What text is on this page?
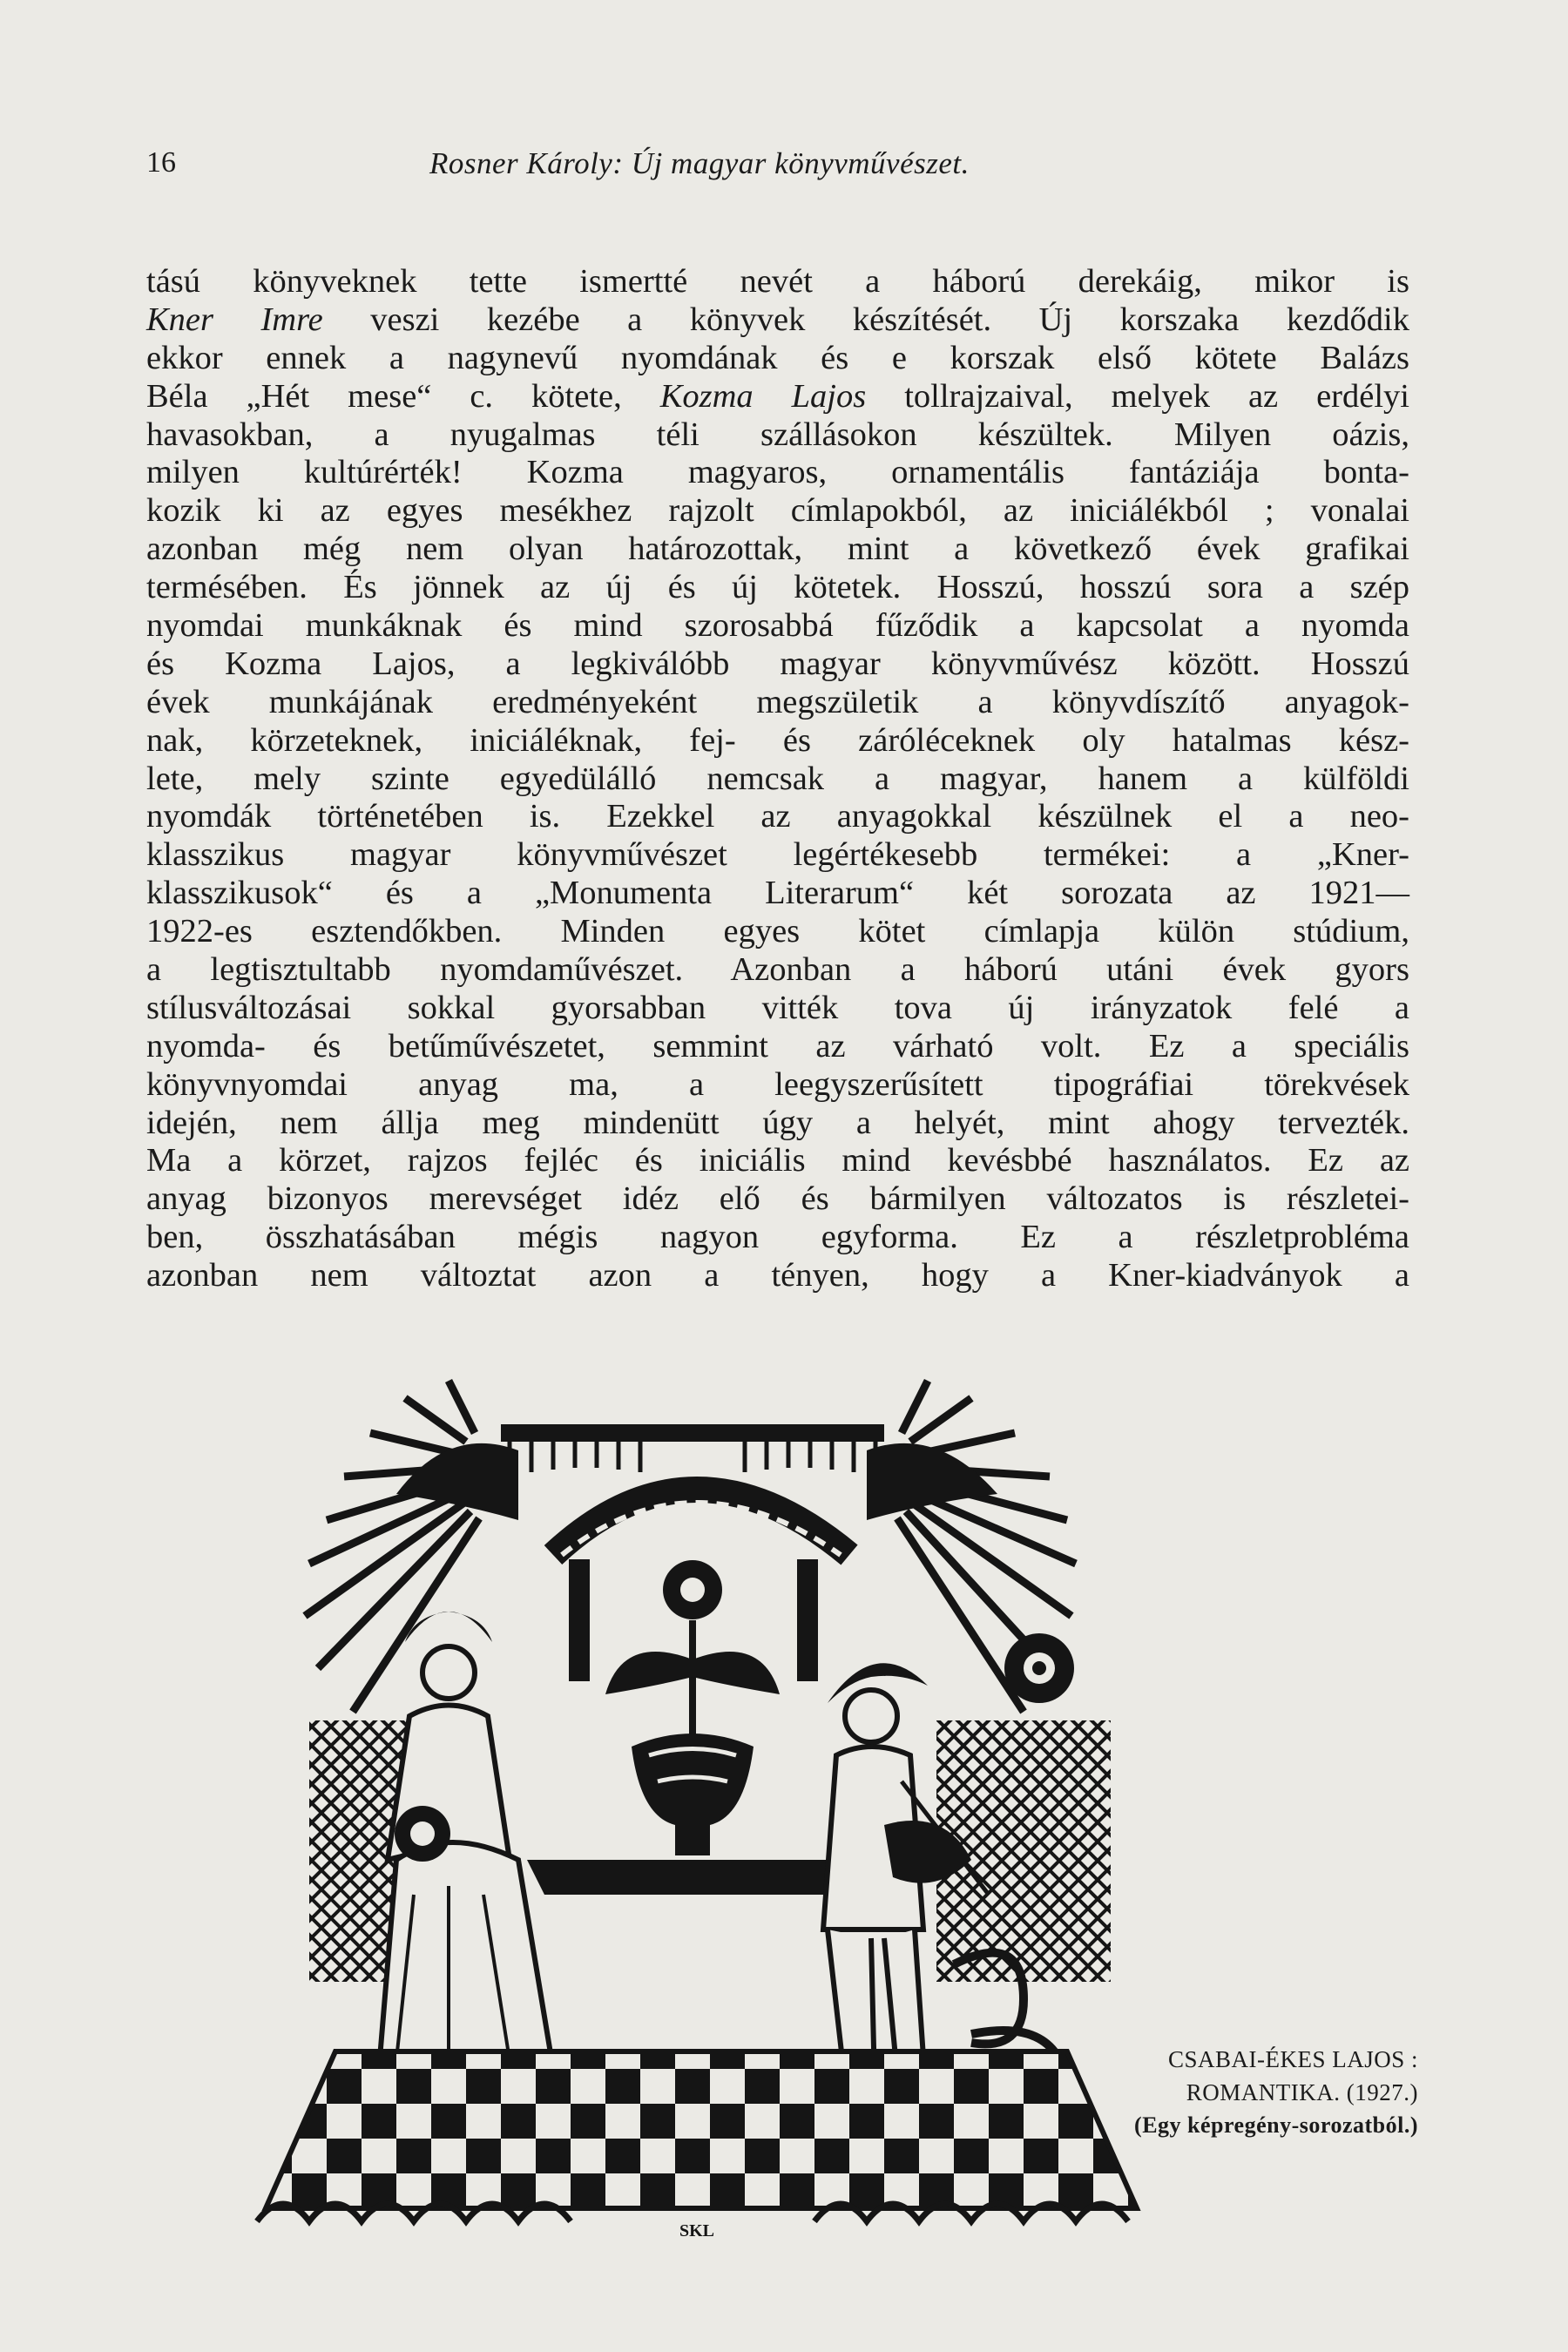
16	Rosner Károly: Új magyar könyvművészet.
tású könyveknek tette ismertté nevét a háború derekáig, mikor is
Kner Imre veszi kezébe a könyvek készítését. Új korszaka kezdődik
ekkor ennek a nagynevű nyomdának és e korszak első kötete Balázs
Béla „Hét mese“ c. kötete, Kozma Lajos tollrajzaival, melyek az erdélyi
havasokban, a nyugalmas téli szállásokon készültek. Milyen oázis,
milyen kultúrérték! Kozma magyaros, ornamentális fantáziája bonta-
kozik ki az egyes mesékhez rajzolt címlapokból, az iniciálékból ; vonalai
azonban még nem olyan határozottak, mint a következő évek grafikai
termésében. És jönnek az új és új kötetek. Hosszú, hosszú sora a szép
nyomdai munkáknak és mind szorosabbá fűződik a kapcsolat a nyomda
és Kozma Lajos, a legkiválóbb magyar könyvművész között. Hosszú
évek munkájának eredményeként megszületik a könyvdíszítő anyagok-
nak, körzeteknek, iniciáléknak, fej- és záróléceknek oly hatalmas kész-
lete, mely szinte egyedülálló nemcsak a magyar, hanem a külföldi
nyomdák történetében is. Ezekkel az anyagokkal készülnek el a neo-
klasszikus magyar könyvművészet legértékesebb termékei: a „Kner-
klasszikusok“ és a „Monumenta Literarum“ két sorozata az 1921—
1922-es esztendőkben. Minden egyes kötet címlapja külön stúdium,
a legtisztultabb nyomdaművészet. Azonban a háború utáni évek gyors
stílusváltozásai sokkal gyorsabban vitték tova új irányzatok felé a
nyomda- és betűművészetet, semmint az várható volt. Ez a speciális
könyvnyomdai anyag ma, a leegyszerűsített tipográfiai törekvések
idején, nem állja meg mindenütt úgy a helyét, mint ahogy tervezték.
Ma a körzet, rajzos fejléc és iniciális mind kevésbbé használatos. Ez az
anyag bizonyos merevséget idéz elő és bármilyen változatos is részletei-
ben, összhatásában mégis nagyon egyforma. Ez a részletprobléma
azonban nem változtat azon a tényen, hogy a Kner-kiadványok a
SKL
CSABAI-ÉKES LAJOS :
ROMANTIKA. (1927.)
(Egy képregény-sorozatból.)
